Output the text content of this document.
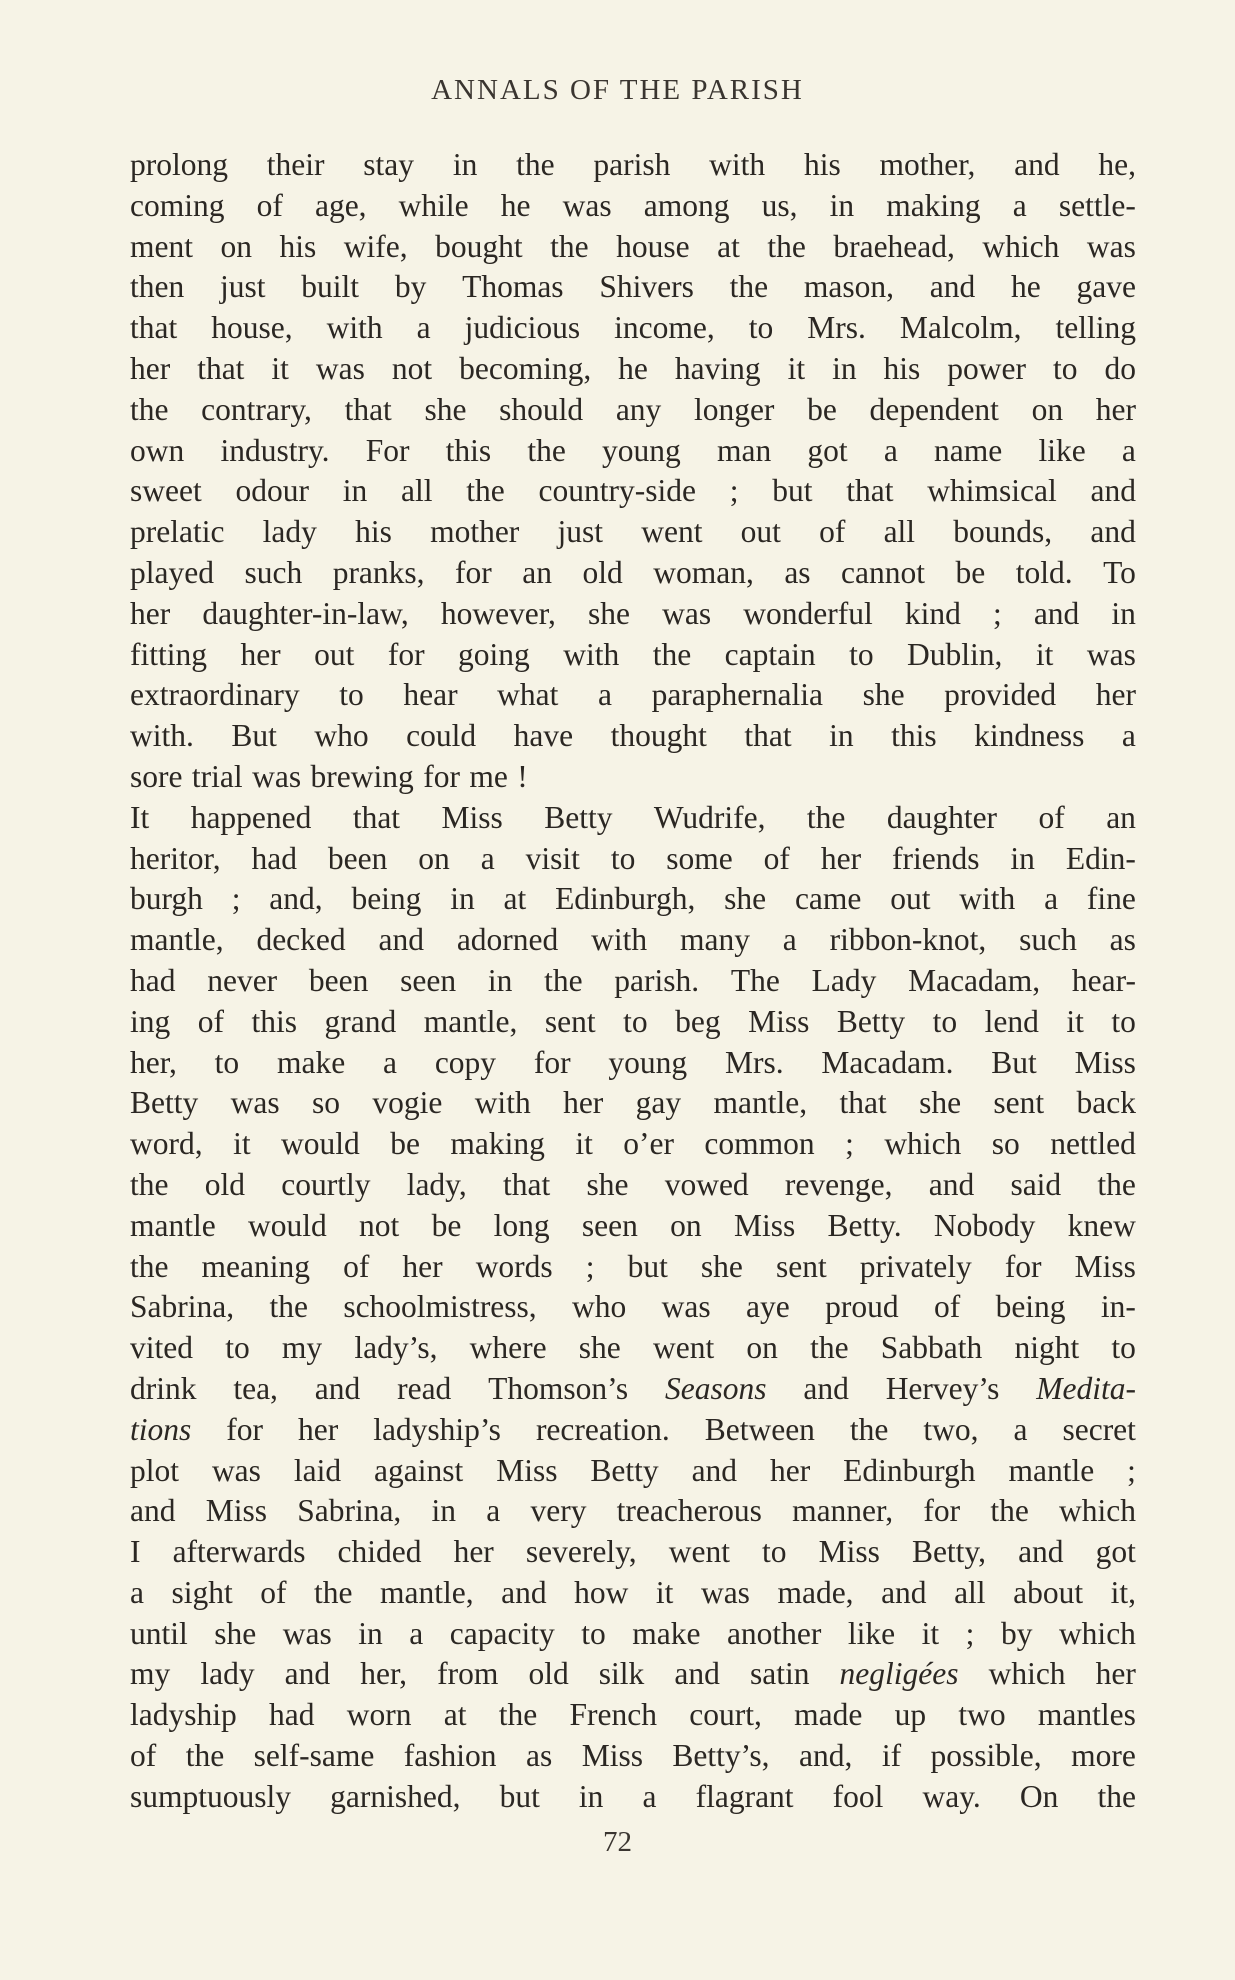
ANNALS OF THE PARISH
prolong their stay in the parish with his mother, and he,
coming of age, while he was among us, in making a settle-
ment on his wife, bought the house at the braehead, which was
then just built by Thomas Shivers the mason, and he gave
that house, with a judicious income, to Mrs. Malcolm, telling
her that it was not becoming, he having it in his power to do
the contrary, that she should any longer be dependent on her
own industry. For this the young man got a name like a
sweet odour in all the country-side ; but that whimsical and
prelatic lady his mother just went out of all bounds, and
played such pranks, for an old woman, as cannot be told. To
her daughter-in-law, however, she was wonderful kind ; and in
fitting her out for going with the captain to Dublin, it was
extraordinary to hear what a paraphernalia she provided her
with. But who could have thought that in this kindness a
sore trial was brewing for me !
It happened that Miss Betty Wudrife, the daughter of an
heritor, had been on a visit to some of her friends in Edin-
burgh ; and, being in at Edinburgh, she came out with a fine
mantle, decked and adorned with many a ribbon-knot, such as
had never been seen in the parish. The Lady Macadam, hear-
ing of this grand mantle, sent to beg Miss Betty to lend it to
her, to make a copy for young Mrs. Macadam. But Miss
Betty was so vogie with her gay mantle, that she sent back
word, it would be making it o’er common ; which so nettled
the old courtly lady, that she vowed revenge, and said the
mantle would not be long seen on Miss Betty. Nobody knew
the meaning of her words ; but she sent privately for Miss
Sabrina, the schoolmistress, who was aye proud of being in-
vited to my lady’s, where she went on the Sabbath night to
drink tea, and read Thomson’s Seasons and Hervey’s Medita-
tions for her ladyship’s recreation. Between the two, a secret
plot was laid against Miss Betty and her Edinburgh mantle ;
and Miss Sabrina, in a very treacherous manner, for the which
I afterwards chided her severely, went to Miss Betty, and got
a sight of the mantle, and how it was made, and all about it,
until she was in a capacity to make another like it ; by which
my lady and her, from old silk and satin negligées which her
ladyship had worn at the French court, made up two mantles
of the self-same fashion as Miss Betty’s, and, if possible, more
sumptuously garnished, but in a flagrant fool way. On the
72
